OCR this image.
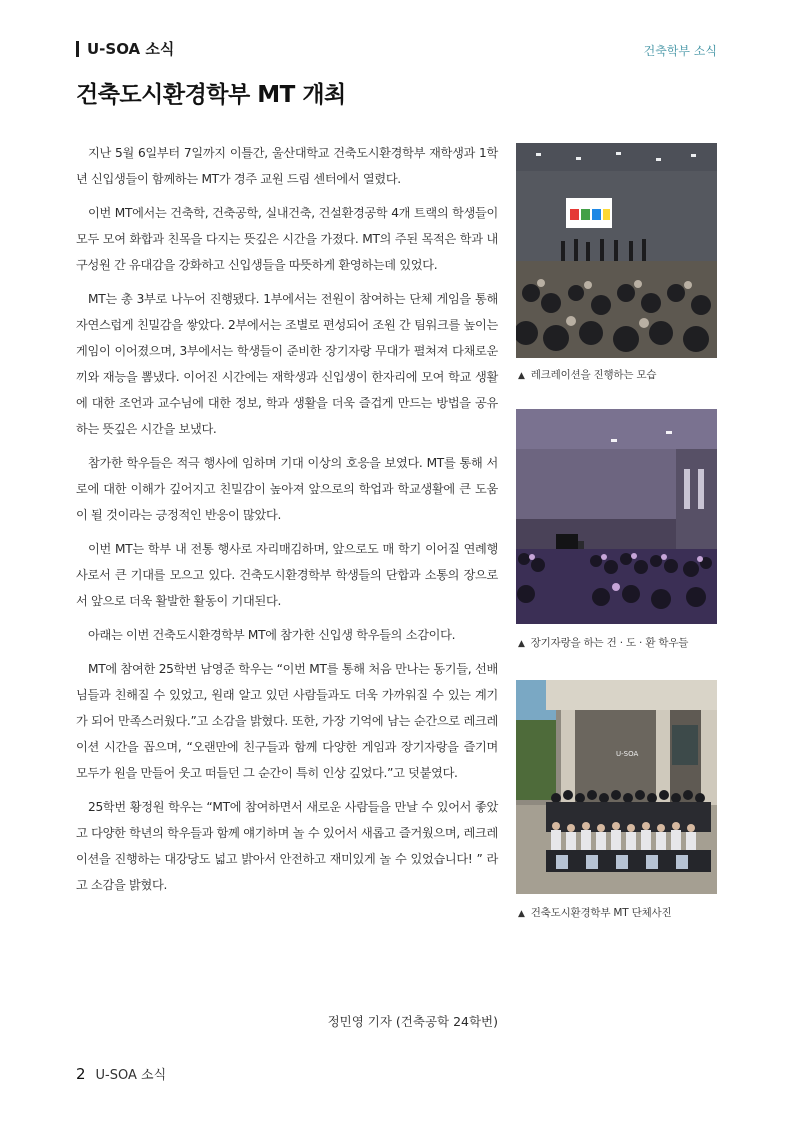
U-SOA 소식	건축학부 소식
건축도시환경학부 MT 개최

지난 5월 6일부터 7일까지 이틀간, 울산대학교 건축도시환경학부 재학생과 1학년 신입생들이 함께하는 MT가 경주 교원 드림 센터에서 열렸다.

이번 MT에서는 건축학, 건축공학, 실내건축, 건설환경공학 4개 트랙의 학생들이 모두 모여 화합과 친목을 다지는 뜻깊은 시간을 가졌다. MT의 주된 목적은 학과 내 구성원 간 유대감을 강화하고 신입생들을 따뜻하게 환영하는데 있었다.

MT는 총 3부로 나누어 진행됐다. 1부에서는 전원이 참여하는 단체 게임을 통해 자연스럽게 친밀감을 쌓았다. 2부에서는 조별로 편성되어 조원 간 팀워크를 높이는 게임이 이어졌으며, 3부에서는 학생들이 준비한 장기자랑 무대가 펼쳐져 다채로운 끼와 재능을 뽐냈다. 이어진 시간에는 재학생과 신입생이 한자리에 모여 학교 생활에 대한 조언과 교수님에 대한 정보, 학과 생활을 더욱 즐겁게 만드는 방법을 공유하는 뜻깊은 시간을 보냈다.

참가한 학우들은 적극 행사에 임하며 기대 이상의 호응을 보였다. MT를 통해 서로에 대한 이해가 깊어지고 친밀감이 높아져 앞으로의 학업과 학교생활에 큰 도움이 될 것이라는 긍정적인 반응이 많았다.

이번 MT는 학부 내 전통 행사로 자리매김하며, 앞으로도 매 학기 이어질 연례행사로서 큰 기대를 모으고 있다. 건축도시환경학부 학생들의 단합과 소통의 장으로서 앞으로 더욱 활발한 활동이 기대된다.

아래는 이번 건축도시환경학부 MT에 참가한 신입생 학우들의 소감이다.

MT에 참여한 25학번 남영준 학우는 “이번 MT를 통해 처음 만나는 동기들, 선배님들과 친해질 수 있었고, 원래 알고 있던 사람들과도 더욱 가까워질 수 있는 계기가 되어 만족스러웠다.”고 소감을 밝혔다. 또한, 가장 기억에 남는 순간으로 레크레이션 시간을 꼽으며, “오랜만에 친구들과 함께 다양한 게임과 장기자랑을 즐기며 모두가 원을 만들어 웃고 떠들던 그 순간이 특히 인상 깊었다.”고 덧붙였다.

25학번 황정원 학우는 “MT에 참여하면서 새로운 사람들을 만날 수 있어서 좋았고 다양한 학년의 학우들과 함께 얘기하며 놀 수 있어서 새롭고 즐거웠으며, 레크레이션을 진행하는 대강당도 넓고 밝아서 안전하고 재미있게 놀 수 있었습니다! ” 라고 소감을 밝혔다.

정민영 기자 (건축공학 24학번)
▲ 레크레이션을 진행하는 모습
▲ 장기자랑을 하는 건 · 도 · 환 학우들
U-SOA
▲ 건축도시환경학부 MT 단체사진
2 U-SOA 소식
